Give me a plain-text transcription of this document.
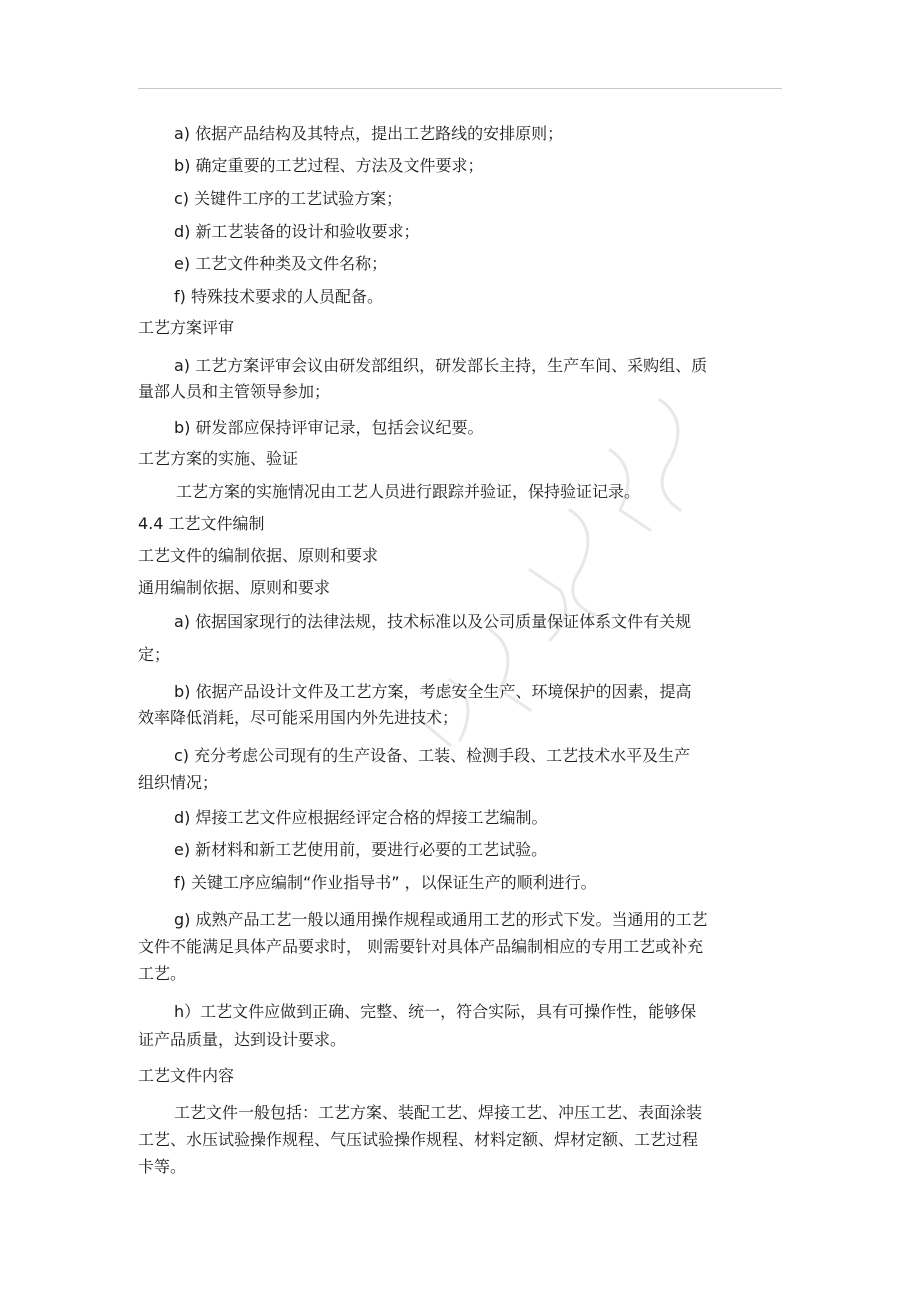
a) 依据产品结构及其特点，提出工艺路线的安排原则；
b) 确定重要的工艺过程、方法及文件要求；
c) 关键件工序的工艺试验方案；
d) 新工艺装备的设计和验收要求；
e) 工艺文件种类及文件名称；
f) 特殊技术要求的人员配备。
工艺方案评审
a) 工艺方案评审会议由研发部组织，研发部长主持，生产车间、采购组、质
量部人员和主管领导参加；
b) 研发部应保持评审记录，包括会议纪要。
工艺方案的实施、验证
工艺方案的实施情况由工艺人员进行跟踪并验证，保持验证记录。
4.4 工艺文件编制
工艺文件的编制依据、原则和要求
通用编制依据、原则和要求
a) 依据国家现行的法律法规，技术标准以及公司质量保证体系文件有关规
定；
b) 依据产品设计文件及工艺方案，考虑安全生产、环境保护的因素，提高
效率降低消耗，尽可能采用国内外先进技术；
c) 充分考虑公司现有的生产设备、工装、检测手段、工艺技术水平及生产
组织情况；
d) 焊接工艺文件应根据经评定合格的焊接工艺编制。
e) 新材料和新工艺使用前，要进行必要的工艺试验。
f) 关键工序应编制“作业指导书” ，以保证生产的顺利进行。
g) 成熟产品工艺一般以通用操作规程或通用工艺的形式下发。当通用的工艺
文件不能满足具体产品要求时， 则需要针对具体产品编制相应的专用工艺或补充
工艺。
h）工艺文件应做到正确、完整、统一，符合实际，具有可操作性，能够保
证产品质量，达到设计要求。
工艺文件内容
工艺文件一般包括：工艺方案、装配工艺、焊接工艺、冲压工艺、表面涂装
工艺、水压试验操作规程、气压试验操作规程、材料定额、焊材定额、工艺过程
卡等。
